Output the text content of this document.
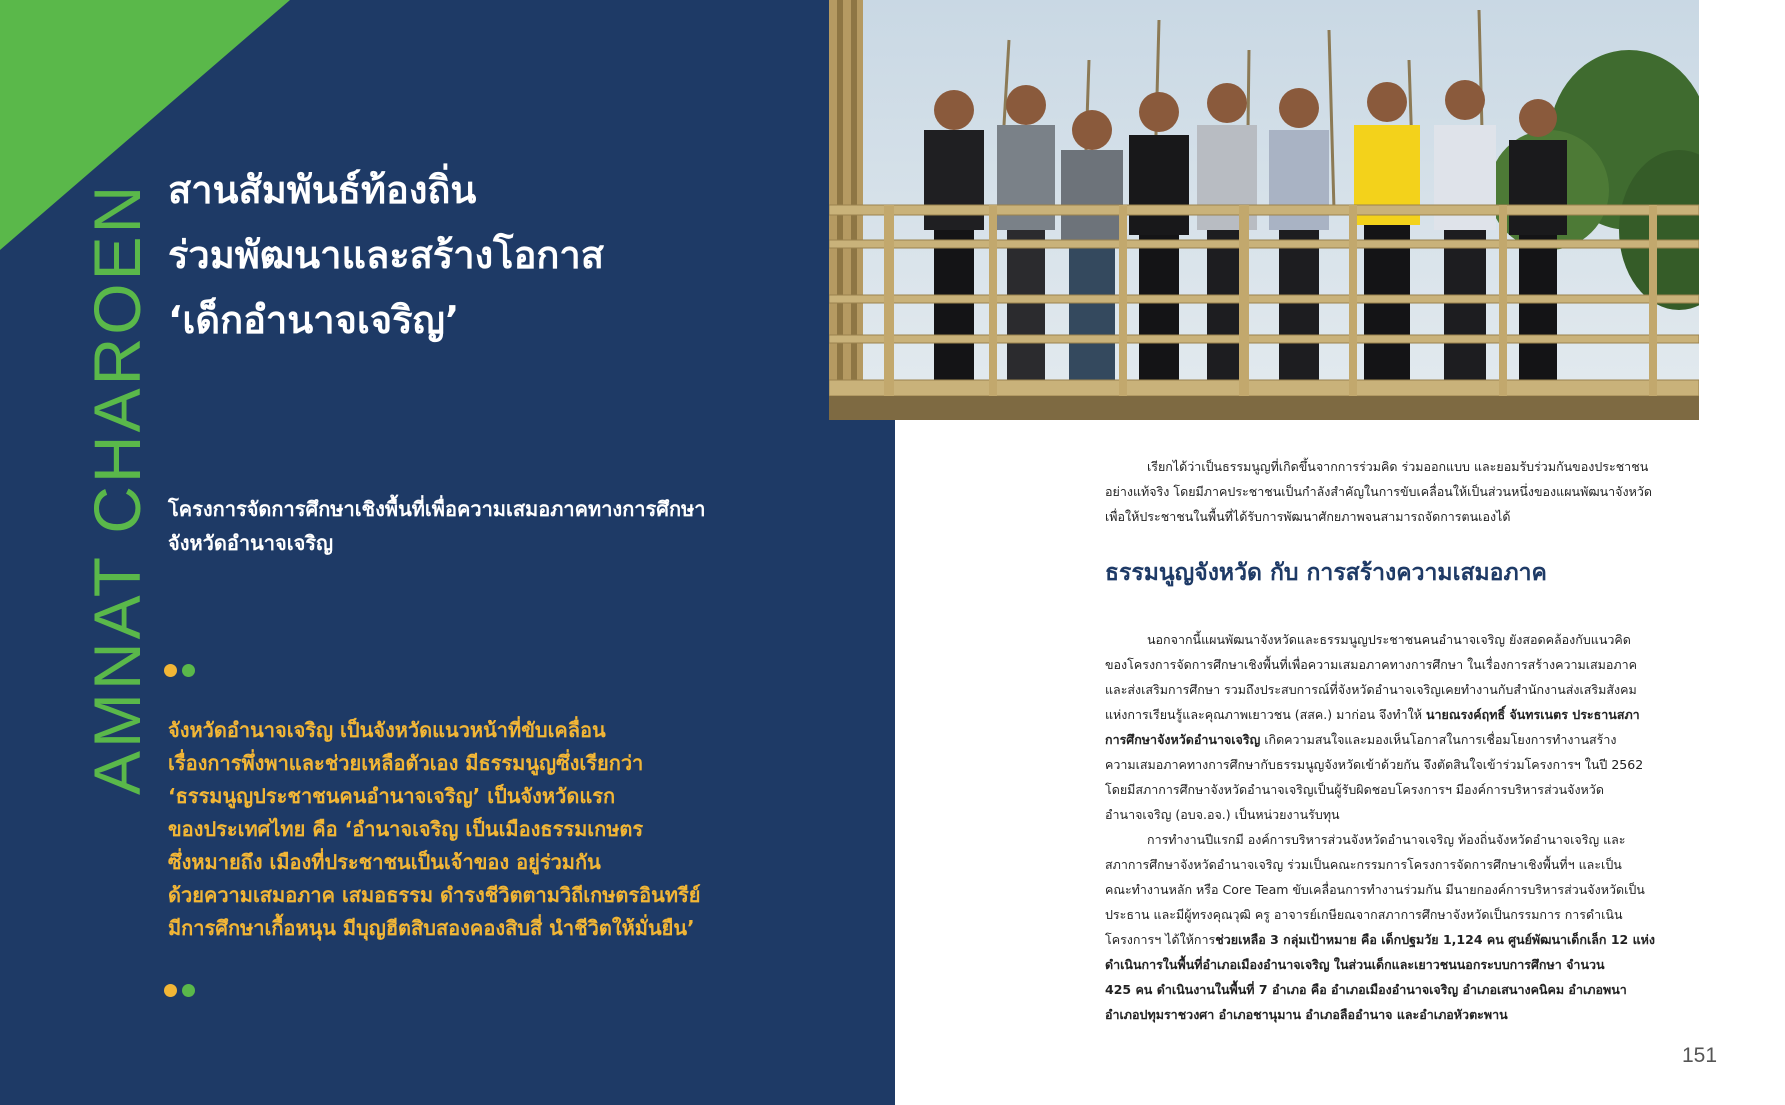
AMNAT CHAROEN สานสัมพันธ์ท้องถิ่น
ร่วมพัฒนาและสร้างโอกาส
‘เด็กอำนาจเจริญ’
โครงการจัดการศึกษาเชิงพื้นที่เพื่อความเสมอภาคทางการศึกษา
จังหวัดอำนาจเจริญ
จังหวัดอำนาจเจริญ เป็นจังหวัดแนวหน้าที่ขับเคลื่อน
เรื่องการพึ่งพาและช่วยเหลือตัวเอง มีธรรมนูญซึ่งเรียกว่า
‘ธรรมนูญประชาชนคนอำนาจเจริญ’ เป็นจังหวัดแรก
ของประเทศไทย คือ ‘อำนาจเจริญ เป็นเมืองธรรมเกษตร
ซึ่งหมายถึง เมืองที่ประชาชนเป็นเจ้าของ อยู่ร่วมกัน
ด้วยความเสมอภาค เสมอธรรม ดำรงชีวิตตามวิถีเกษตรอินทรีย์
มีการศึกษาเกื้อหนุน มีบุญฮีตสิบสองคองสิบสี่ นำชีวิตให้มั่นยืน’
เรียกได้ว่าเป็นธรรมนูญที่เกิดขึ้นจากการร่วมคิด ร่วมออกแบบ และยอมรับร่วมกันของประชาชน
อย่างแท้จริง โดยมีภาคประชาชนเป็นกำลังสำคัญในการขับเคลื่อนให้เป็นส่วนหนึ่งของแผนพัฒนาจังหวัด
เพื่อให้ประชาชนในพื้นที่ได้รับการพัฒนาศักยภาพจนสามารถจัดการตนเองได้
ธรรมนูญจังหวัด กับ การสร้างความเสมอภาค
นอกจากนี้แผนพัฒนาจังหวัดและธรรมนูญประชาชนคนอำนาจเจริญ ยังสอดคล้องกับแนวคิด
ของโครงการจัดการศึกษาเชิงพื้นที่เพื่อความเสมอภาคทางการศึกษา ในเรื่องการสร้างความเสมอภาค
และส่งเสริมการศึกษา รวมถึงประสบการณ์ที่จังหวัดอำนาจเจริญเคยทำงานกับสำนักงานส่งเสริมสังคม
แห่งการเรียนรู้และคุณภาพเยาวชน (สสค.) มาก่อน จึงทำให้ นายณรงค์ฤทธิ์ จันทรเนตร ประธานสภา
การศึกษาจังหวัดอำนาจเจริญ เกิดความสนใจและมองเห็นโอกาสในการเชื่อมโยงการทำงานสร้าง
ความเสมอภาคทางการศึกษากับธรรมนูญจังหวัดเข้าด้วยกัน จึงตัดสินใจเข้าร่วมโครงการฯ ในปี 2562
โดยมีสภาการศึกษาจังหวัดอำนาจเจริญเป็นผู้รับผิดชอบโครงการฯ มีองค์การบริหารส่วนจังหวัด
อำนาจเจริญ (อบจ.อจ.) เป็นหน่วยงานรับทุน
การทำงานปีแรกมี องค์การบริหารส่วนจังหวัดอำนาจเจริญ ท้องถิ่นจังหวัดอำนาจเจริญ และ
สภาการศึกษาจังหวัดอำนาจเจริญ ร่วมเป็นคณะกรรมการโครงการจัดการศึกษาเชิงพื้นที่ฯ และเป็น
คณะทำงานหลัก หรือ Core Team ขับเคลื่อนการทำงานร่วมกัน มีนายกองค์การบริหารส่วนจังหวัดเป็น
ประธาน และมีผู้ทรงคุณวุฒิ ครู อาจารย์เกษียณจากสภาการศึกษาจังหวัดเป็นกรรมการ การดำเนิน
โครงการฯ ได้ให้การช่วยเหลือ 3 กลุ่มเป้าหมาย คือ เด็กปฐมวัย 1,124 คน ศูนย์พัฒนาเด็กเล็ก 12 แห่ง
ดำเนินการในพื้นที่อำเภอเมืองอำนาจเจริญ ในส่วนเด็กและเยาวชนนอกระบบการศึกษา จำนวน
425 คน ดำเนินงานในพื้นที่ 7 อำเภอ คือ อำเภอเมืองอำนาจเจริญ อำเภอเสนางคนิคม อำเภอพนา
อำเภอปทุมราชวงศา อำเภอชานุมาน อำเภอลืออำนาจ และอำเภอหัวตะพาน
151
